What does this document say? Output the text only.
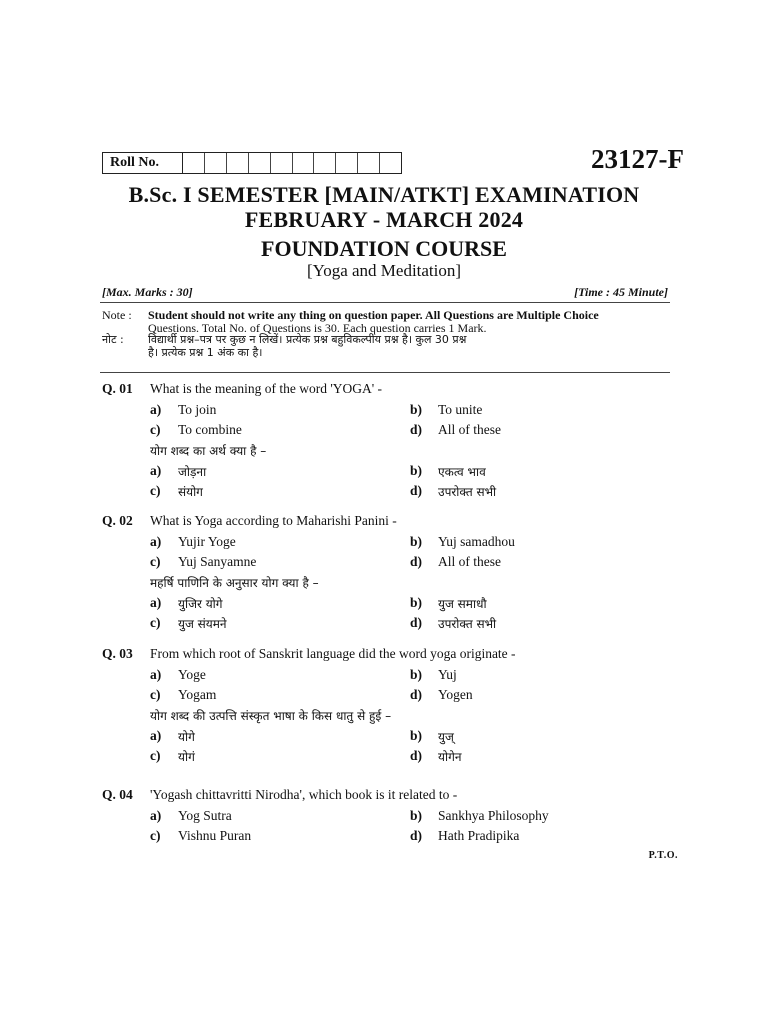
Roll No.	23127-F
B.Sc. I SEMESTER [MAIN/ATKT] EXAMINATION
FEBRUARY - MARCH 2024
FOUNDATION COURSE
[Yoga and Meditation]
[Max. Marks : 30]	[Time : 45 Minute]
Note :	Student should not write any thing on question paper. All Questions are Multiple Choice
Questions. Total No. of Questions is 30. Each question carries 1 Mark.
नोट :	विद्यार्थी प्रश्न–पत्र पर कुछ न लिखें। प्रत्येक प्रश्न बहुविकल्पीय प्रश्न है। कुल 30 प्रश्न
है। प्रत्येक प्रश्न 1 अंक का है।
Q. 01	What is the meaning of the word 'YOGA' -
a)	To join	b)	To unite
c)	To combine	d)	All of these
योग शब्द का अर्थ क्या है –
a)	जोड़ना	b)	एकत्व भाव
c)	संयोग	d)	उपरोक्त सभी
Q. 02	What is Yoga according to Maharishi Panini -
a)	Yujir Yoge	b)	Yuj samadhou
c)	Yuj Sanyamne	d)	All of these
महर्षि पाणिनि के अनुसार योग क्या है –
a)	युजिर योगे	b)	युज समाधौ
c)	युज संयमने	d)	उपरोक्त सभी
Q. 03	From which root of Sanskrit language did the word yoga originate -
a)	Yoge	b)	Yuj
c)	Yogam	d)	Yogen
योग शब्द की उत्पत्ति संस्कृत भाषा के किस धातु से हुई –
a)	योगे	b)	युज्
c)	योगं	d)	योगेन
Q. 04	'Yogash chittavritti Nirodha', which book is it related to -
a)	Yog Sutra	b)	Sankhya Philosophy
c)	Vishnu Puran	d)	Hath Pradipika
P.T.O.
